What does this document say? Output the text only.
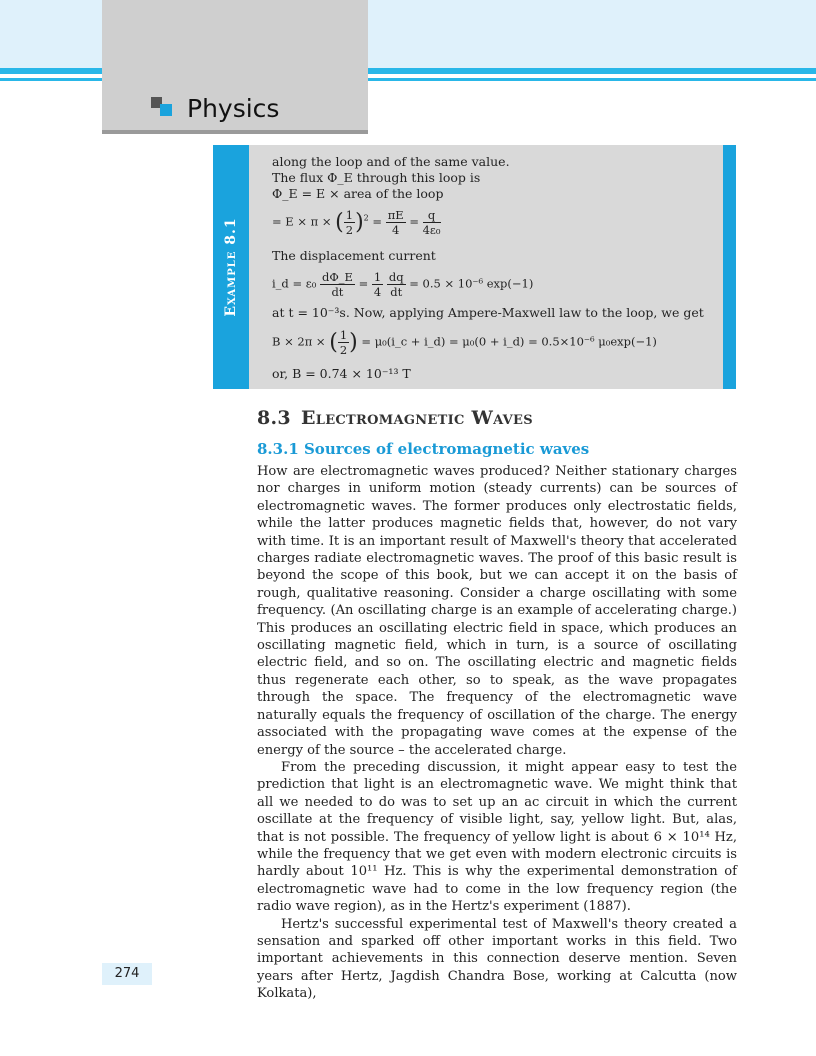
Physics
Example 8.1
along the loop and of the same value.
The flux Φ_E through this loop is
Φ_E = E × area of the loop
= E × π × ( $\frac{1}{2} )^2 = \frac{\pi E}{4} = \frac{q}{\text{4ε₀}}$
The displacement current
i_d = $\varepsilon_0 \frac{d\Phi\_E}{dt} = \frac{1}{4}$
$\frac{dq}{dt} = 0.5 \times 10^{-6}$ exp(−1)
at t = 10⁻³s. Now, applying Ampere-Maxwell law to the loop, we get
B × 2π × ( $\frac{1}{2}$ ) = μ₀(i_c + i_d) = μ₀(0 + i_d) = 0.5×10⁻⁶ μ₀exp(−1)
or, B = 0.74 × 10⁻¹³ T
8.3 Electromagnetic Waves
8.3.1 Sources of electromagnetic waves

How are electromagnetic waves produced? Neither stationary charges nor charges in uniform motion (steady currents) can be sources of electromagnetic waves. The former produces only electrostatic fields, while the latter produces magnetic fields that, however, do not vary with time. It is an important result of Maxwell's theory that accelerated charges radiate electromagnetic waves. The proof of this basic result is beyond the scope of this book, but we can accept it on the basis of rough, qualitative reasoning. Consider a charge oscillating with some frequency. (An oscillating charge is an example of accelerating charge.) This produces an oscillating electric field in space, which produces an oscillating magnetic field, which in turn, is a source of oscillating electric field, and so on. The oscillating electric and magnetic fields thus regenerate each other, so to speak, as the wave propagates through the space. The frequency of the electromagnetic wave naturally equals the frequency of oscillation of the charge. The energy associated with the propagating wave comes at the expense of the energy of the source – the accelerated charge.

From the preceding discussion, it might appear easy to test the prediction that light is an electromagnetic wave. We might think that all we needed to do was to set up an ac circuit in which the current oscillate at the frequency of visible light, say, yellow light. But, alas, that is not possible. The frequency of yellow light is about 6 × 10¹⁴ Hz, while the frequency that we get even with modern electronic circuits is hardly about 10¹¹ Hz. This is why the experimental demonstration of electromagnetic wave had to come in the low frequency region (the radio wave region), as in the Hertz's experiment (1887).

Hertz's successful experimental test of Maxwell's theory created a sensation and sparked off other important works in this field. Two important achievements in this connection deserve mention. Seven years after Hertz, Jagdish Chandra Bose, working at Calcutta (now Kolkata),

274
